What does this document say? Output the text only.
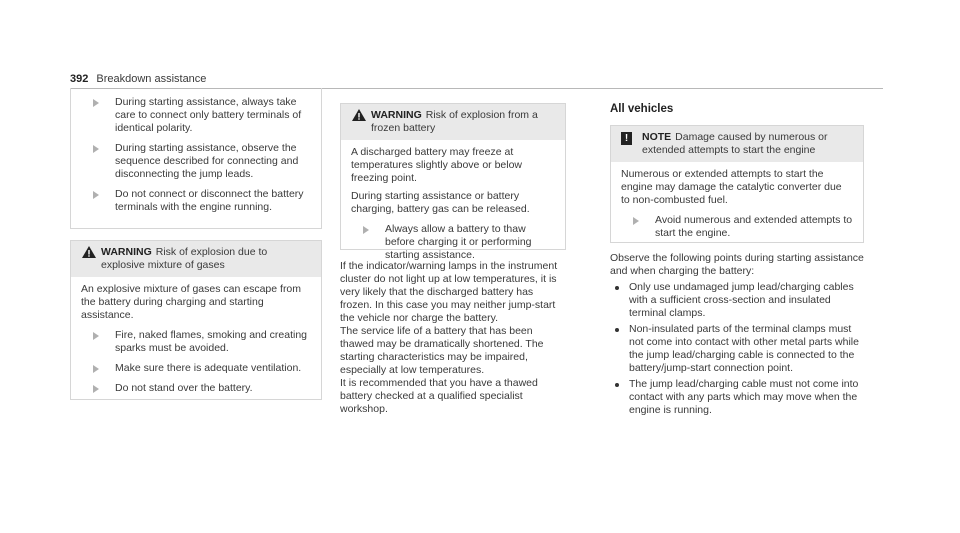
392 Breakdown assistance
During starting assistance, always take care to connect only battery terminals of identical polarity.
During starting assistance, observe the sequence described for connecting and disconnecting the jump leads.
Do not connect or disconnect the battery terminals with the engine running.
WARNING Risk of explosion due to explosive mixture of gases

An explosive mixture of gases can escape from the battery during charging and starting assistance.

Fire, naked flames, smoking and creating sparks must be avoided.
Make sure there is adequate ventilation.
Do not stand over the battery.
WARNING Risk of explosion from a frozen battery

A discharged battery may freeze at temperatures slightly above or below freezing point.

During starting assistance or battery charging, battery gas can be released.

Always allow a battery to thaw before charging it or performing starting assistance.

If the indicator/warning lamps in the instrument cluster do not light up at low temperatures, it is very likely that the discharged battery has frozen. In this case you may neither jump-start the vehicle nor charge the battery.

The service life of a battery that has been thawed may be dramatically shortened. The starting characteristics may be impaired, especially at low temperatures.

It is recommended that you have a thawed battery checked at a qualified specialist workshop.

All vehicles
!	NOTE Damage caused by numerous or extended attempts to start the engine

Numerous or extended attempts to start the engine may damage the catalytic converter due to non-combusted fuel.

Avoid numerous and extended attempts to start the engine.

Observe the following points during starting assistance and when charging the battery:

Only use undamaged jump lead/charging cables with a sufficient cross-section and insulated terminal clamps.
Non-insulated parts of the terminal clamps must not come into contact with other metal parts while the jump lead/charging cable is connected to the battery/jump-start connection point.
The jump lead/charging cable must not come into contact with any parts which may move when the engine is running.
